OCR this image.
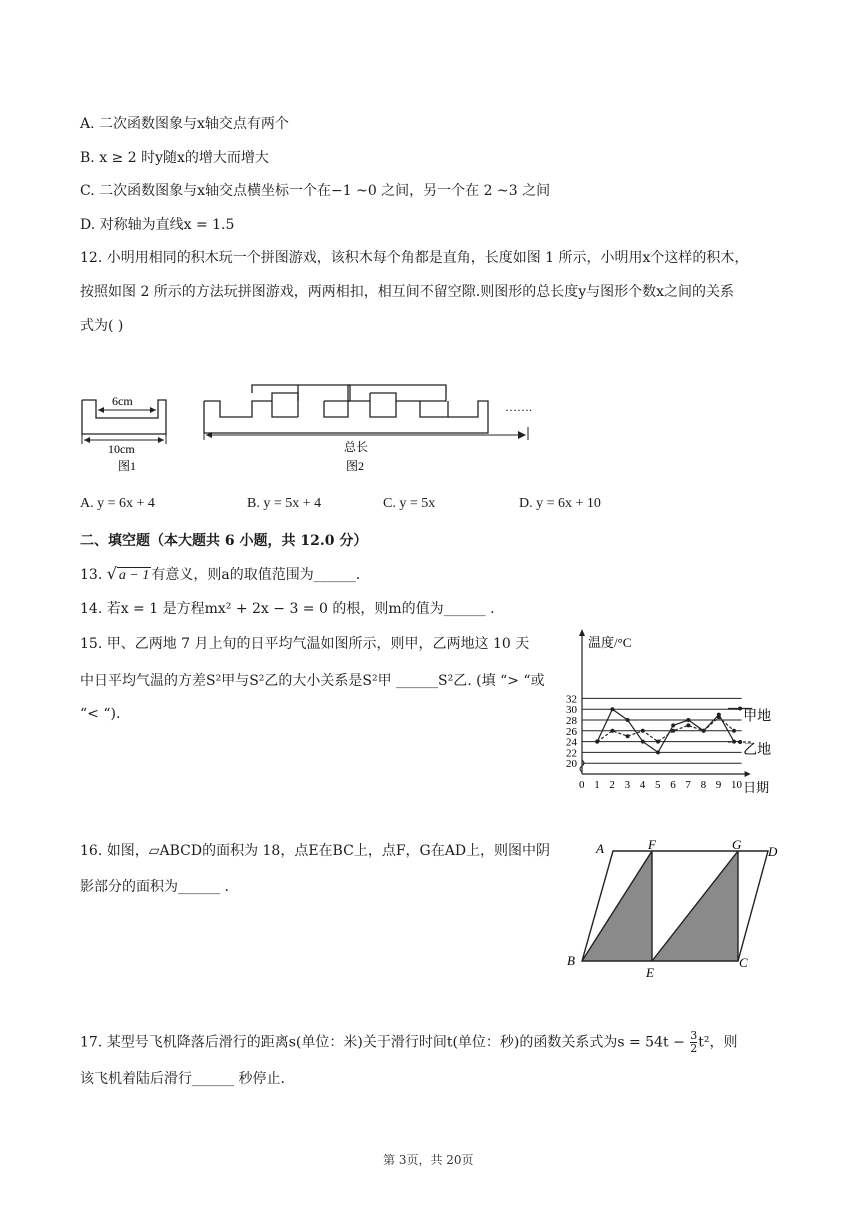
A. 二次函数图象与x轴交点有两个
B. x ≥ 2 时y随x的增大而增大
C. 二次函数图象与x轴交点横坐标一个在−1 ~0 之间，另一个在 2 ~3 之间
D. 对称轴为直线x = 1.5
12. 小明用相同的积木玩一个拼图游戏，该积木每个角都是直角，长度如图 1 所示，小明用x个这样的积木，
按照如图 2 所示的方法玩拼图游戏，两两相扣，相互间不留空隙.则图形的总长度y与图形个数x之间的关系
式为( )
6cm
10cm
图1
…….
总长
图2
A. y = 6x + 4	B. y = 5x + 4	C. y = 5x	D. y = 6x + 10
二、填空题（本大题共 6 小题，共 12.0 分）
13. √ a − 1 有意义，则a的取值范围为______.
14. 若x = 1 是方程mx² + 2x − 3 = 0 的根，则m的值为______ .
15. 甲、乙两地 7 月上旬的日平均气温如图所示，则甲，乙两地这 10 天
中日平均气温的方差S²甲与S²乙的大小关系是S²甲 ______S²乙. (填 “> “或
“< “).
20
22
24
26
28
30
32
0 1 2 3 4 5 6 7 8 9 10
温度/°C
日期
甲地
乙地
16. 如图，▱ABCD的面积为 18，点E在BC上，点F，G在AD上，则图中阴
影部分的面积为______ .
A	F	G D
B
E
C
17. 某型号飞机降落后滑行的距离s(单位：米)关于滑行时间t(单位：秒)的函数关系式为$s = 54t - \frac{3}{2} t^2$，则
该飞机着陆后滑行______ 秒停止.
第 3页，共 20页
